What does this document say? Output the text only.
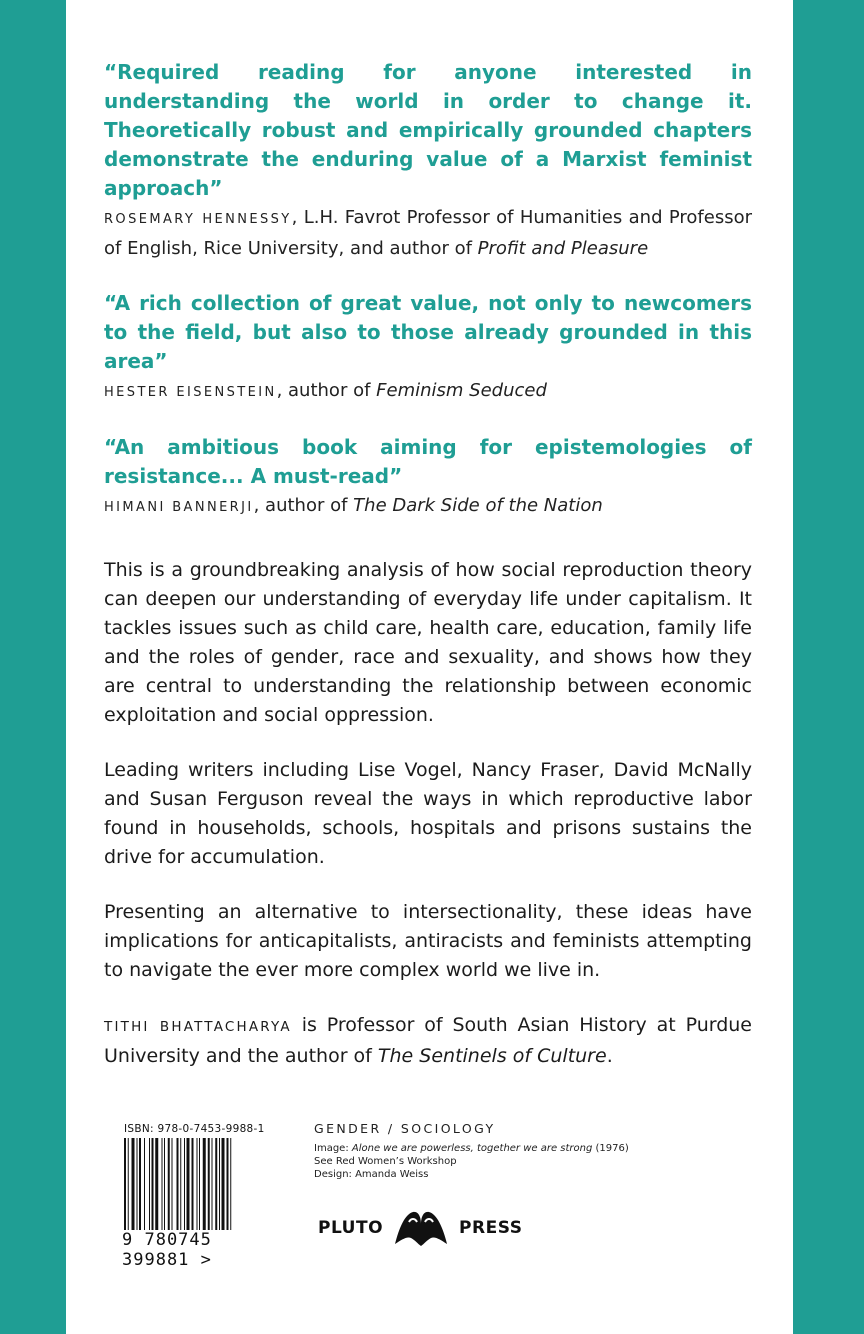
“Required reading for anyone interested in understanding the world in order to change it. Theoretically robust and empirically grounded chapters demonstrate the enduring value of a Marxist feminist approach”

ROSEMARY HENNESSY, L.H. Favrot Professor of Humanities and Professor of English, Rice University, and author of Profit and Pleasure

“A rich collection of great value, not only to newcomers to the field, but also to those already grounded in this area”

HESTER EISENSTEIN, author of Feminism Seduced

“An ambitious book aiming for epistemologies of resistance... A must-read”

HIMANI BANNERJI, author of The Dark Side of the Nation

This is a groundbreaking analysis of how social reproduction theory can deepen our understanding of everyday life under capitalism. It tackles issues such as child care, health care, education, family life and the roles of gender, race and sexuality, and shows how they are central to understanding the relationship between economic exploitation and social oppression.

Leading writers including Lise Vogel, Nancy Fraser, David McNally and Susan Ferguson reveal the ways in which reproductive labor found in households, schools, hospitals and prisons sustains the drive for accumulation.

Presenting an alternative to intersectionality, these ideas have implications for anticapitalists, antiracists and feminists attempting to navigate the ever more complex world we live in.

TITHI BHATTACHARYA is Professor of South Asian History at Purdue University and the author of The Sentinels of Culture.

ISBN: 978-0-7453-9988-1

9 780745 399881 >

GENDER / SOCIOLOGY

Image: Alone we are powerless, together we are strong (1976)

See Red Women’s Workshop

Design: Amanda Weiss

PLUTO	PRESS
